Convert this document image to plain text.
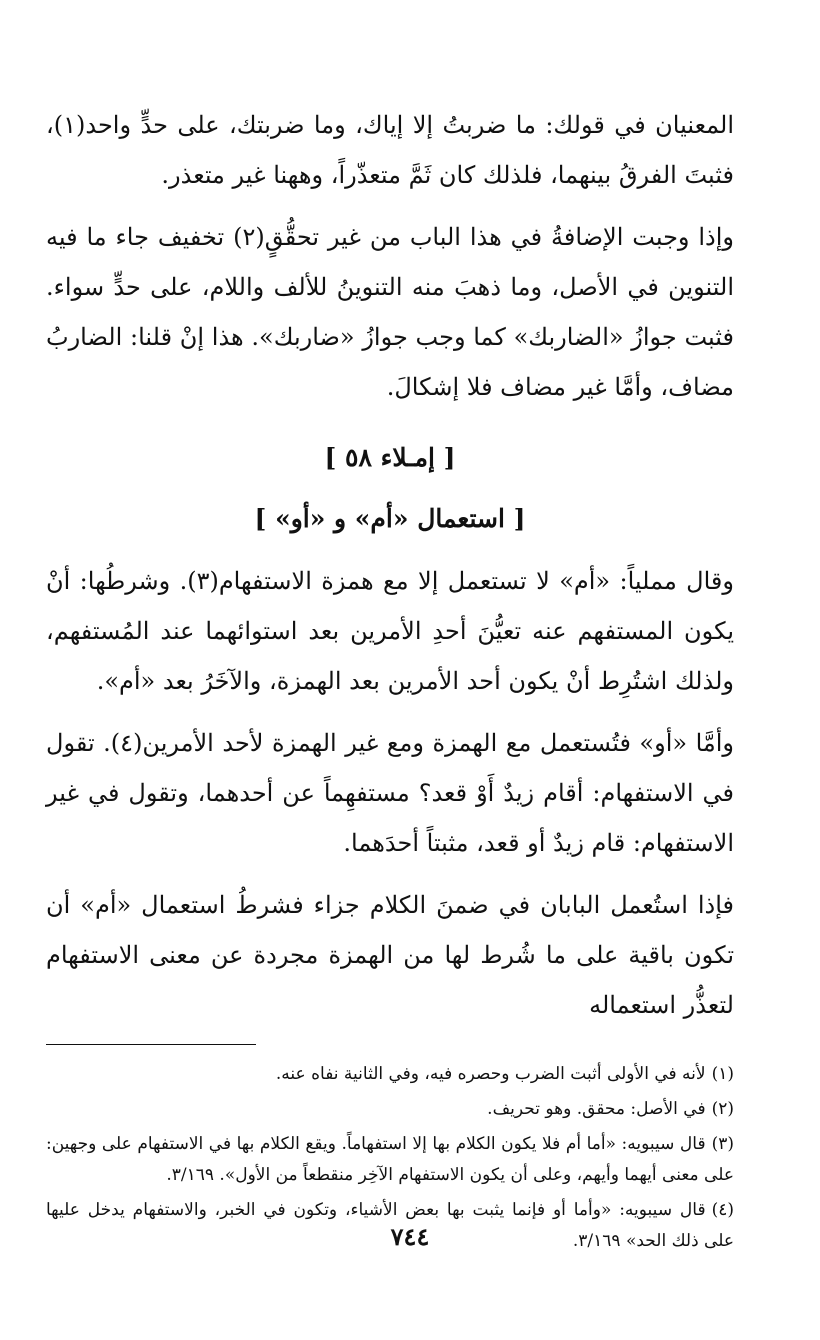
المعنيان في قولك: ما ضربتُ إلا إياك، وما ضربتك، على حدٍّ واحد(١)، فثبتَ الفرقُ بينهما، فلذلك كان ثَمَّ متعذّراً، وههنا غير متعذر.

وإذا وجبت الإضافةُ في هذا الباب من غير تحقُّقٍ(٢) تخفيف جاء ما فيه التنوين في الأصل، وما ذهبَ منه التنوينُ للألف واللام، على حدٍّ سواء. فثبت جوازُ «الضاربك» كما وجب جوازُ «ضاربك». هذا إنْ قلنا: الضاربُ مضاف، وأمَّا غير مضاف فلا إشكالَ.

[ إمـلاء ٥٨ ]
[ استعمال «أم» و «أو» ]

وقال مملياً: «أم» لا تستعمل إلا مع همزة الاستفهام(٣). وشرطُها: أنْ يكون المستفهم عنه تعيُّنَ أحدِ الأمرين بعد استوائهما عند المُستفهم، ولذلك اشتُرِط أنْ يكون أحد الأمرين بعد الهمزة، والآخَرُ بعد «أم».

وأمَّا «أو» فتُستعمل مع الهمزة ومع غير الهمزة لأحد الأمرين(٤). تقول في الاستفهام: أقام زيدٌ أَوْ قعد؟ مستفهِماً عن أحدهما، وتقول في غير الاستفهام: قام زيدٌ أو قعد، مثبتاً أحدَهما.

فإذا استُعمل البابان في ضمنَ الكلام جزاء فشرطُ استعمال «أم» أن تكون باقية على ما شُرط لها من الهمزة مجردة عن معنى الاستفهام لتعذُّر استعماله

(١)لأنه في الأولى أثبت الضرب وحصره فيه، وفي الثانية نفاه عنه.
(٢)في الأصل: محقق. وهو تحريف.
(٣)قال سيبويه: «أما أم فلا يكون الكلام بها إلا استفهاماً. ويقع الكلام بها في الاستفهام على وجهين: على معنى أيهما وأيهم، وعلى أن يكون الاستفهام الآخِر منقطعاً من الأول». ٣/١٦٩.
(٤)قال سيبويه: «وأما أو فإنما يثبت بها بعض الأشياء، وتكون في الخبر، والاستفهام يدخل عليها على ذلك الحد» ٣/١٦٩.
٧٤٤
